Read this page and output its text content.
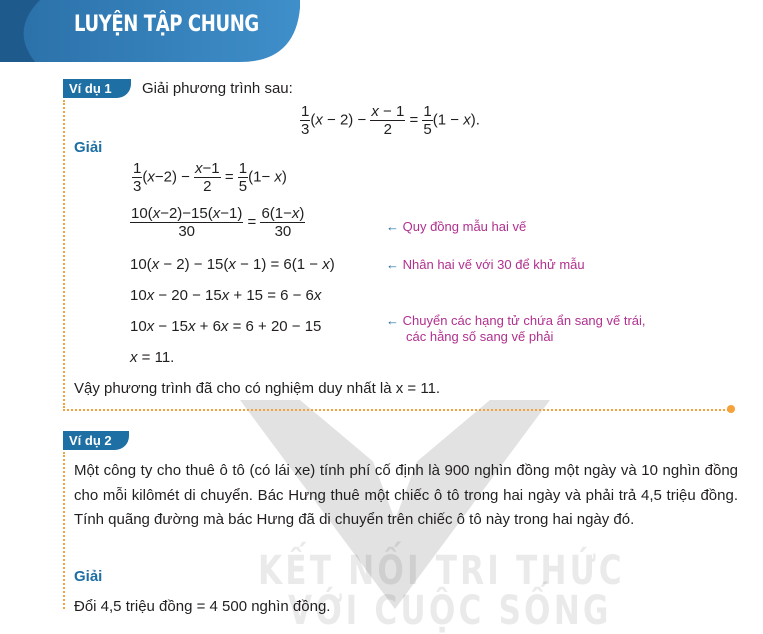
LUYỆN TẬP CHUNG
KẾT NỐI TRI THỨC
VỚI CUỘC SỐNG
Ví dụ 1	Giải phương trình sau:
$\frac{1}{3} (x - 2) - \frac{x - 1}{2} = \frac{1}{5} (1 - x)$.
Giải
$\frac{1}{3} (x-2) - \frac{x-1}{2} = \frac{1}{5} (1- x)$
$\frac{10(x-2)-15(x-1)}{30} = \frac{6(1-x)}{30}$	← Quy đồng mẫu hai vế
10(x − 2) − 15(x − 1) = 6(1 − x)	← Nhân hai vế với 30 để khử mẫu
10x − 20 − 15x + 15 = 6 − 6x
10x − 15x + 6x = 6 + 20 − 15	← Chuyển các hạng tử chứa ẩn sang vế trái,
các hằng số sang vế phải
x = 11.
Vậy phương trình đã cho có nghiệm duy nhất là x = 11.
Ví dụ 2
Một công ty cho thuê ô tô (có lái xe) tính phí cố định là 900 nghìn đồng một ngày và 10 nghìn đồng cho mỗi kilômét di chuyển. Bác Hưng thuê một chiếc ô tô trong hai ngày và phải trả 4,5 triệu đồng. Tính quãng đường mà bác Hưng đã di chuyển trên chiếc ô tô này trong hai ngày đó.
Giải
Đổi 4,5 triệu đồng = 4 500 nghìn đồng.
